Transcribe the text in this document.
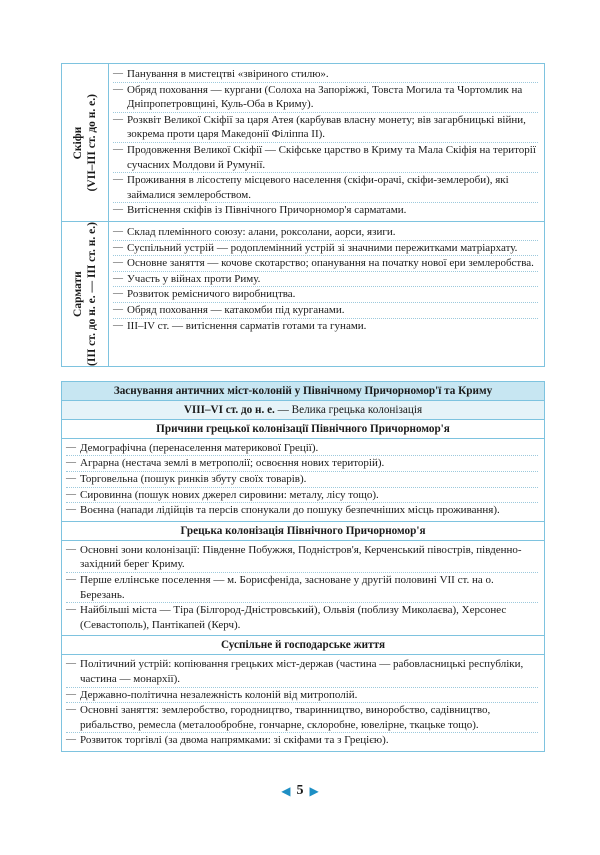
Скіфи (VII–III ст. до н. е.)
— Панування в мистецтві «звіриного стилю».
— Обряд поховання — кургани (Солоха на Запоріжжі, Товста Могила та Чортомлик на Дніпропетровщині, Куль-Оба в Криму).
— Розквіт Великої Скіфії за царя Атея (карбував власну монету; вів загарбницькі війни, зокрема проти царя Македонії Філіппа II).
— Продовження Великої Скіфії — Скіфське царство в Криму та Мала Скіфія на території сучасних Молдови й Румунії.
— Проживання в лісостепу місцевого населення (скіфи-орачі, скіфи-землероби), які займалися землеробством.
— Витіснення скіфів із Північного Причорномор'я сарматами.
Сармати (III ст. до н. е. — III ст. н. е.)
—	Склад племінного союзу: алани, роксолани, аорси, язиги.
— Суспільний устрій — родоплемінний устрій зі значними пережитками матріархату.
— Основне заняття — кочове скотарство; опанування на початку нової ери землеробства.
— Участь у війнах проти Риму.
— Розвиток ремісничого виробництва.
— Обряд поховання — катакомби під курганами.
— III–IV ст. — витіснення сарматів готами та гунами.
Заснування античних міст-колоній у Північному Причорномор'ї та Криму
VIII–VI ст. до н. е. — Велика грецька колонізація
Причини грецької колонізації Північного Причорномор'я
— Демографічна (перенаселення материкової Греції).
— Аграрна (нестача землі в метрополії; освоєння нових територій).
— Торговельна (пошук ринків збуту своїх товарів).
— Сировинна (пошук нових джерел сировини: металу, лісу тощо).
— Воєнна (напади лідійців та персів спонукали до пошуку безпечніших місць проживання).
Грецька колонізація Північного Причорномор'я
— Основні зони колонізації: Південне Побужжя, Подністров'я, Керченський півострів, південно-західний берег Криму.
— Перше еллінське поселення — м. Борисфеніда, засноване у другій половині VII ст. на о. Березань.
— Найбільші міста — Тіра (Білгород-Дністровський), Ольвія (поблизу Миколаєва), Херсонес (Севастополь), Пантікапей (Керч).
Суспільне й господарське життя
— Політичний устрій: копіювання грецьких міст-держав (частина — рабовласницькі республіки, частина — монархії).
— Державно-політична незалежність колоній від митрополій.
— Основні заняття: землеробство, городництво, тваринництво, виноробство, садівництво, рибальство, ремесла (металообробне, гончарне, склоробне, ювелірне, ткацьке тощо).
— Розвиток торгівлі (за двома напрямками: зі скіфами та з Грецією).
◀ 5 ▶
